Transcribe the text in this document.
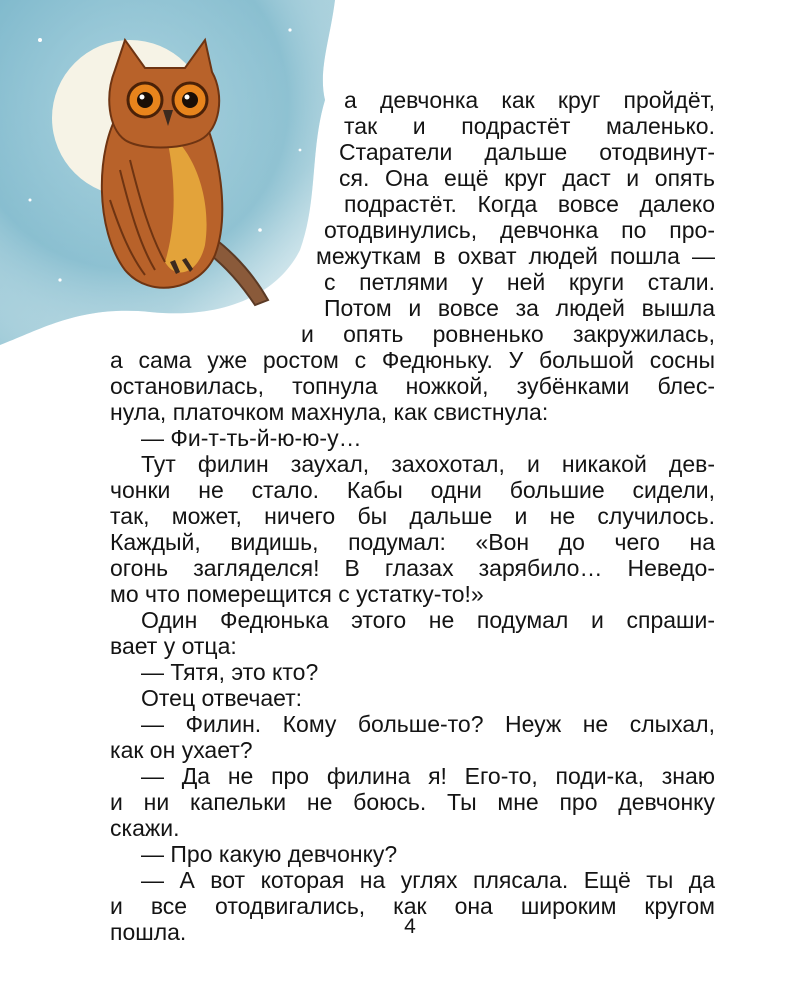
а девчонка как круг пройдёт,
так и подрастёт маленько.
Старатели дальше отодвинут-
ся. Она ещё круг даст и опять
подрастёт. Когда вовсе далеко
отодвинулись, девчонка по про-
межуткам в охват людей пошла —
с петлями у ней круги стали.
Потом и вовсе за людей вышла
и опять ровненько закружилась,
а сама уже ростом с Федюньку. У большой сосны
остановилась, топнула ножкой, зубёнками блес-
нула, платочком махнула, как свистнула:
— Фи-т-ть-й-ю-ю-у…
Тут филин заухал, захохотал, и никакой дев-
чонки не стало. Кабы одни большие сидели,
так, может, ничего бы дальше и не случилось.
Каждый, видишь, подумал: «Вон до чего на
огонь загляделся! В глазах зарябило… Неведо-
мо что померещится с устатку-то!»
Один Федюнька этого не подумал и спраши-
вает у отца:
— Тятя, это кто?
Отец отвечает:
— Филин. Кому больше-то? Неуж не слыхал,
как он ухает?
— Да не про филина я! Его-то, поди-ка, знаю
и ни капельки не боюсь. Ты мне про девчонку
скажи.
— Про какую девчонку?
— А вот которая на углях плясала. Ещё ты да
и все отодвигались, как она широким кругом
пошла.	4
